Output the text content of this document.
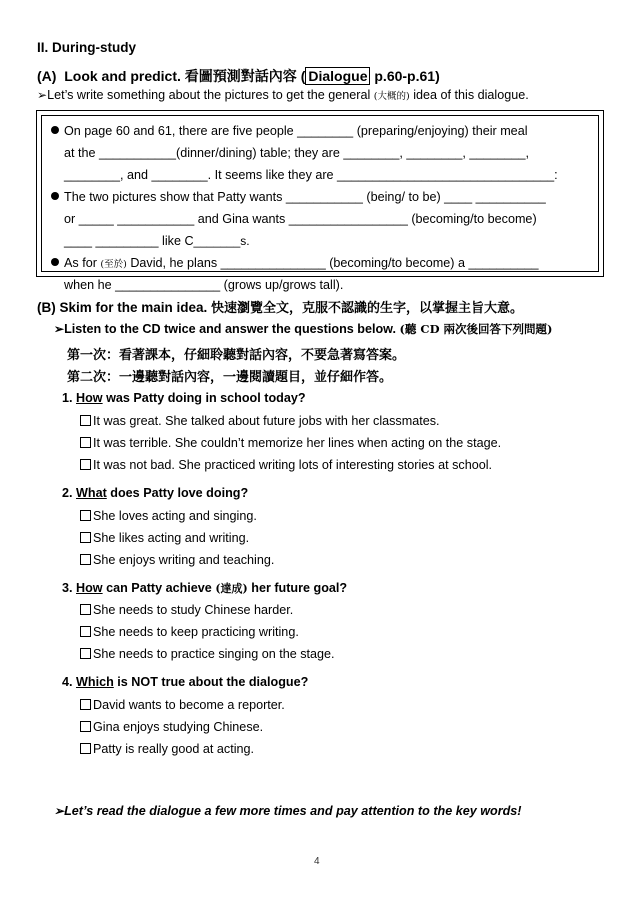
II. During-study
(A) Look and predict. 看圖預測對話內容 ( Dialogue p.60-p.61)
➢Let’s write something about the pictures to get the general (大概的) idea of this dialogue.
On page 60 and 61, there are five people ________ (preparing/enjoying) their meal
at the ___________(dinner/dining) table; they are ________, ________, ________,
________, and ________. It seems like they are _______________________________:
The two pictures show that Patty wants ___________ (being/ to be) ____ __________
or _____ ___________ and Gina wants _________________ (becoming/to become)
____ _________ like C_______s.
As for (至於) David, he plans _______________ (becoming/to become) a __________
when he _______________ (grows up/grows tall).
(B) Skim for the main idea. 快速瀏覽全文，克服不認識的生字，以掌握主旨大意。
➢Listen to the CD twice and answer the questions below. (聽 CD 兩次後回答下列問題)
第一次：看著課本，仔細聆聽對話內容，不要急著寫答案。
第二次：一邊聽對話內容，一邊閱讀題目，並仔細作答。
1. How was Patty doing in school today?
It was great. She talked about future jobs with her classmates.
It was terrible. She couldn’t memorize her lines when acting on the stage.
It was not bad. She practiced writing lots of interesting stories at school.
2. What does Patty love doing?
She loves acting and singing.
She likes acting and writing.
She enjoys writing and teaching.
3. How can Patty achieve (達成) her future goal?
She needs to study Chinese harder.
She needs to keep practicing writing.
She needs to practice singing on the stage.
4. Which is NOT true about the dialogue?
David wants to become a reporter.
Gina enjoys studying Chinese.
Patty is really good at acting.
➢Let’s read the dialogue a few more times and pay attention to the key words!
4
